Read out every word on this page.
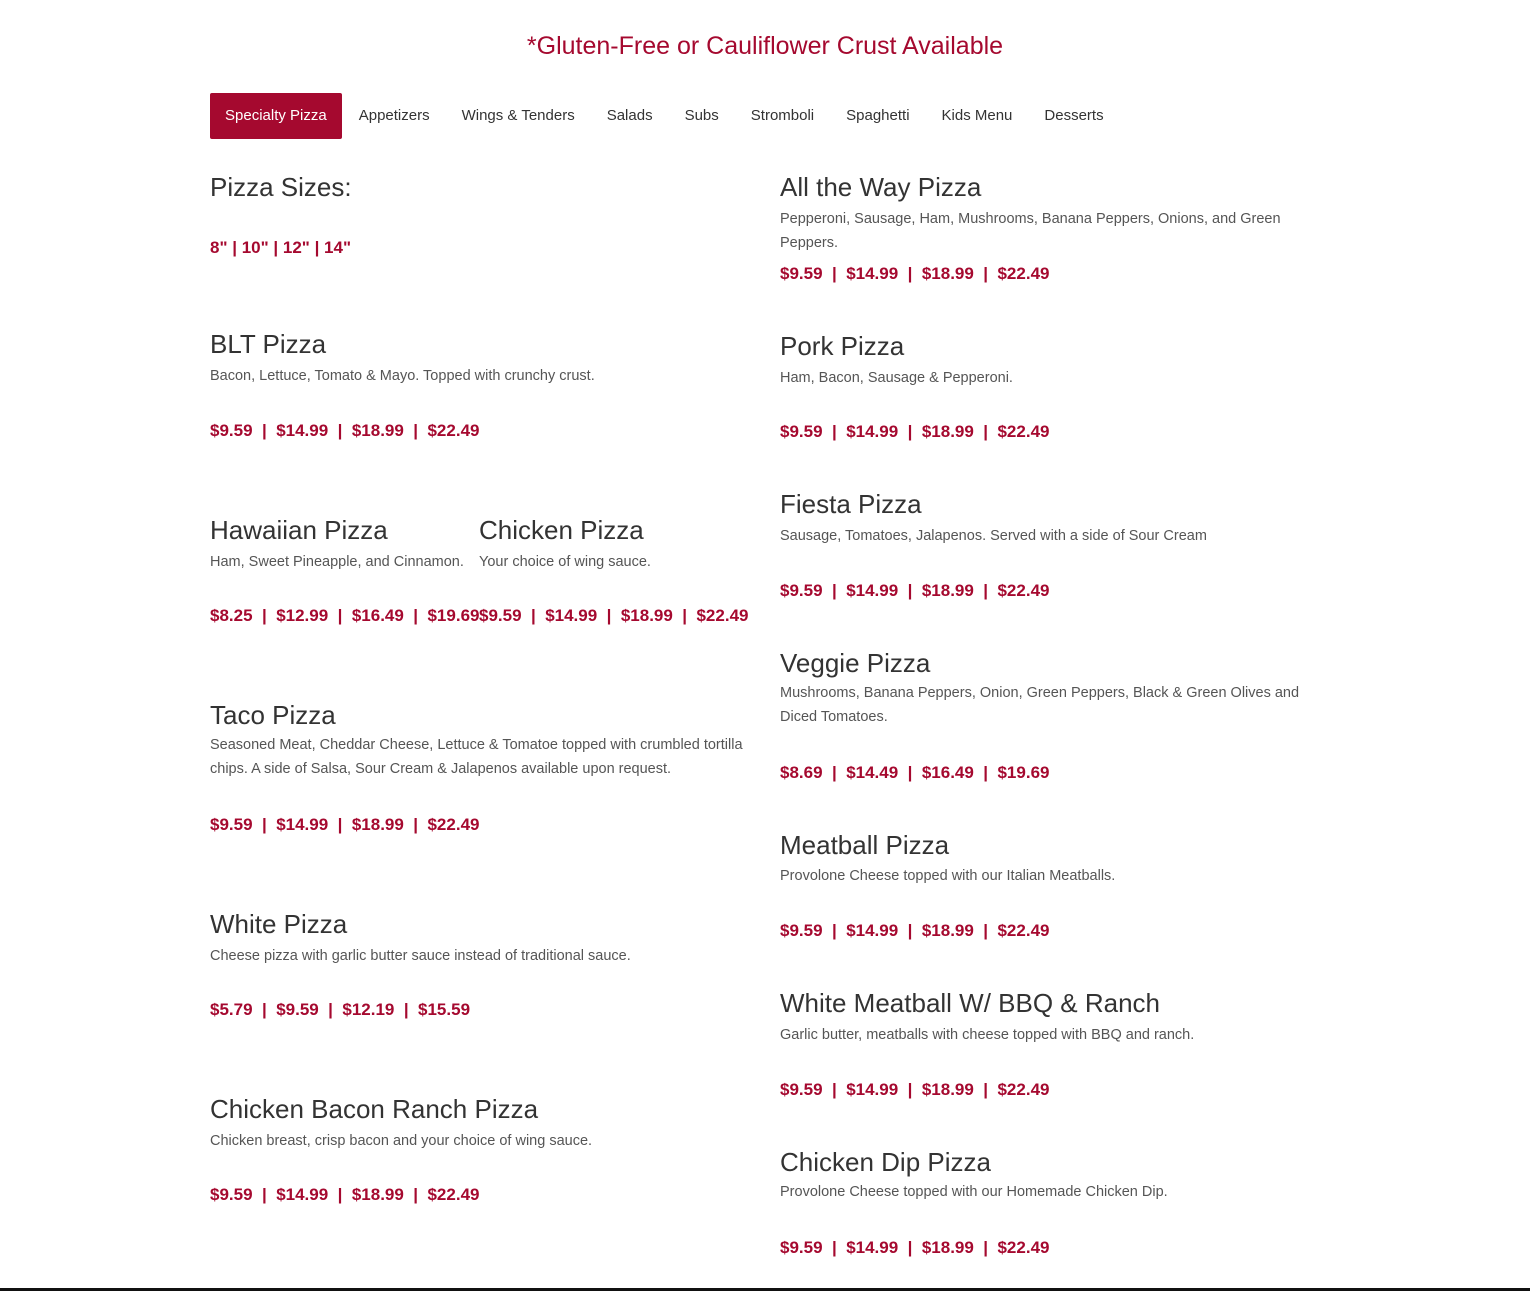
*Gluten-Free or Cauliflower Crust Available
Specialty Pizza	Appetizers	Wings & Tenders	Salads	Subs	Stromboli	Spaghetti	Kids Menu	Desserts
Pizza Sizes:
8" | 10" | 12" | 14"
BLT Pizza

Bacon, Lettuce, Tomato & Mayo. Topped with crunchy crust.

$9.59  |  $14.99  |  $18.99  |  $22.49
Hawaiian Pizza

Ham, Sweet Pineapple, and Cinnamon.

$8.25  |  $12.99  |  $16.49  |  $19.69
Chicken Pizza

Your choice of wing sauce.

$9.59  |  $14.99  |  $18.99  |  $22.49
Taco Pizza

Seasoned Meat, Cheddar Cheese, Lettuce & Tomatoe topped with crumbled tortilla chips. A side of Salsa, Sour Cream & Jalapenos available upon request.

$9.59  |  $14.99  |  $18.99  |  $22.49
White Pizza

Cheese pizza with garlic butter sauce instead of traditional sauce.

$5.79  |  $9.59  |  $12.19  |  $15.59
Chicken Bacon Ranch Pizza

Chicken breast, crisp bacon and your choice of wing sauce.

$9.59  |  $14.99  |  $18.99  |  $22.49
All the Way Pizza

Pepperoni, Sausage, Ham, Mushrooms, Banana Peppers, Onions, and Green Peppers.

$9.59  |  $14.99  |  $18.99  |  $22.49
Pork Pizza

Ham, Bacon, Sausage & Pepperoni.

$9.59  |  $14.99  |  $18.99  |  $22.49
Fiesta Pizza

Sausage, Tomatoes, Jalapenos. Served with a side of Sour Cream

$9.59  |  $14.99  |  $18.99  |  $22.49
Veggie Pizza

Mushrooms, Banana Peppers, Onion, Green Peppers, Black & Green Olives and Diced Tomatoes.

$8.69  |  $14.49  |  $16.49  |  $19.69
Meatball Pizza

Provolone Cheese topped with our Italian Meatballs.

$9.59  |  $14.99  |  $18.99  |  $22.49
White Meatball W/ BBQ & Ranch

Garlic butter, meatballs with cheese topped with BBQ and ranch.

$9.59  |  $14.99  |  $18.99  |  $22.49
Chicken Dip Pizza

Provolone Cheese topped with our Homemade Chicken Dip.

$9.59  |  $14.99  |  $18.99  |  $22.49
